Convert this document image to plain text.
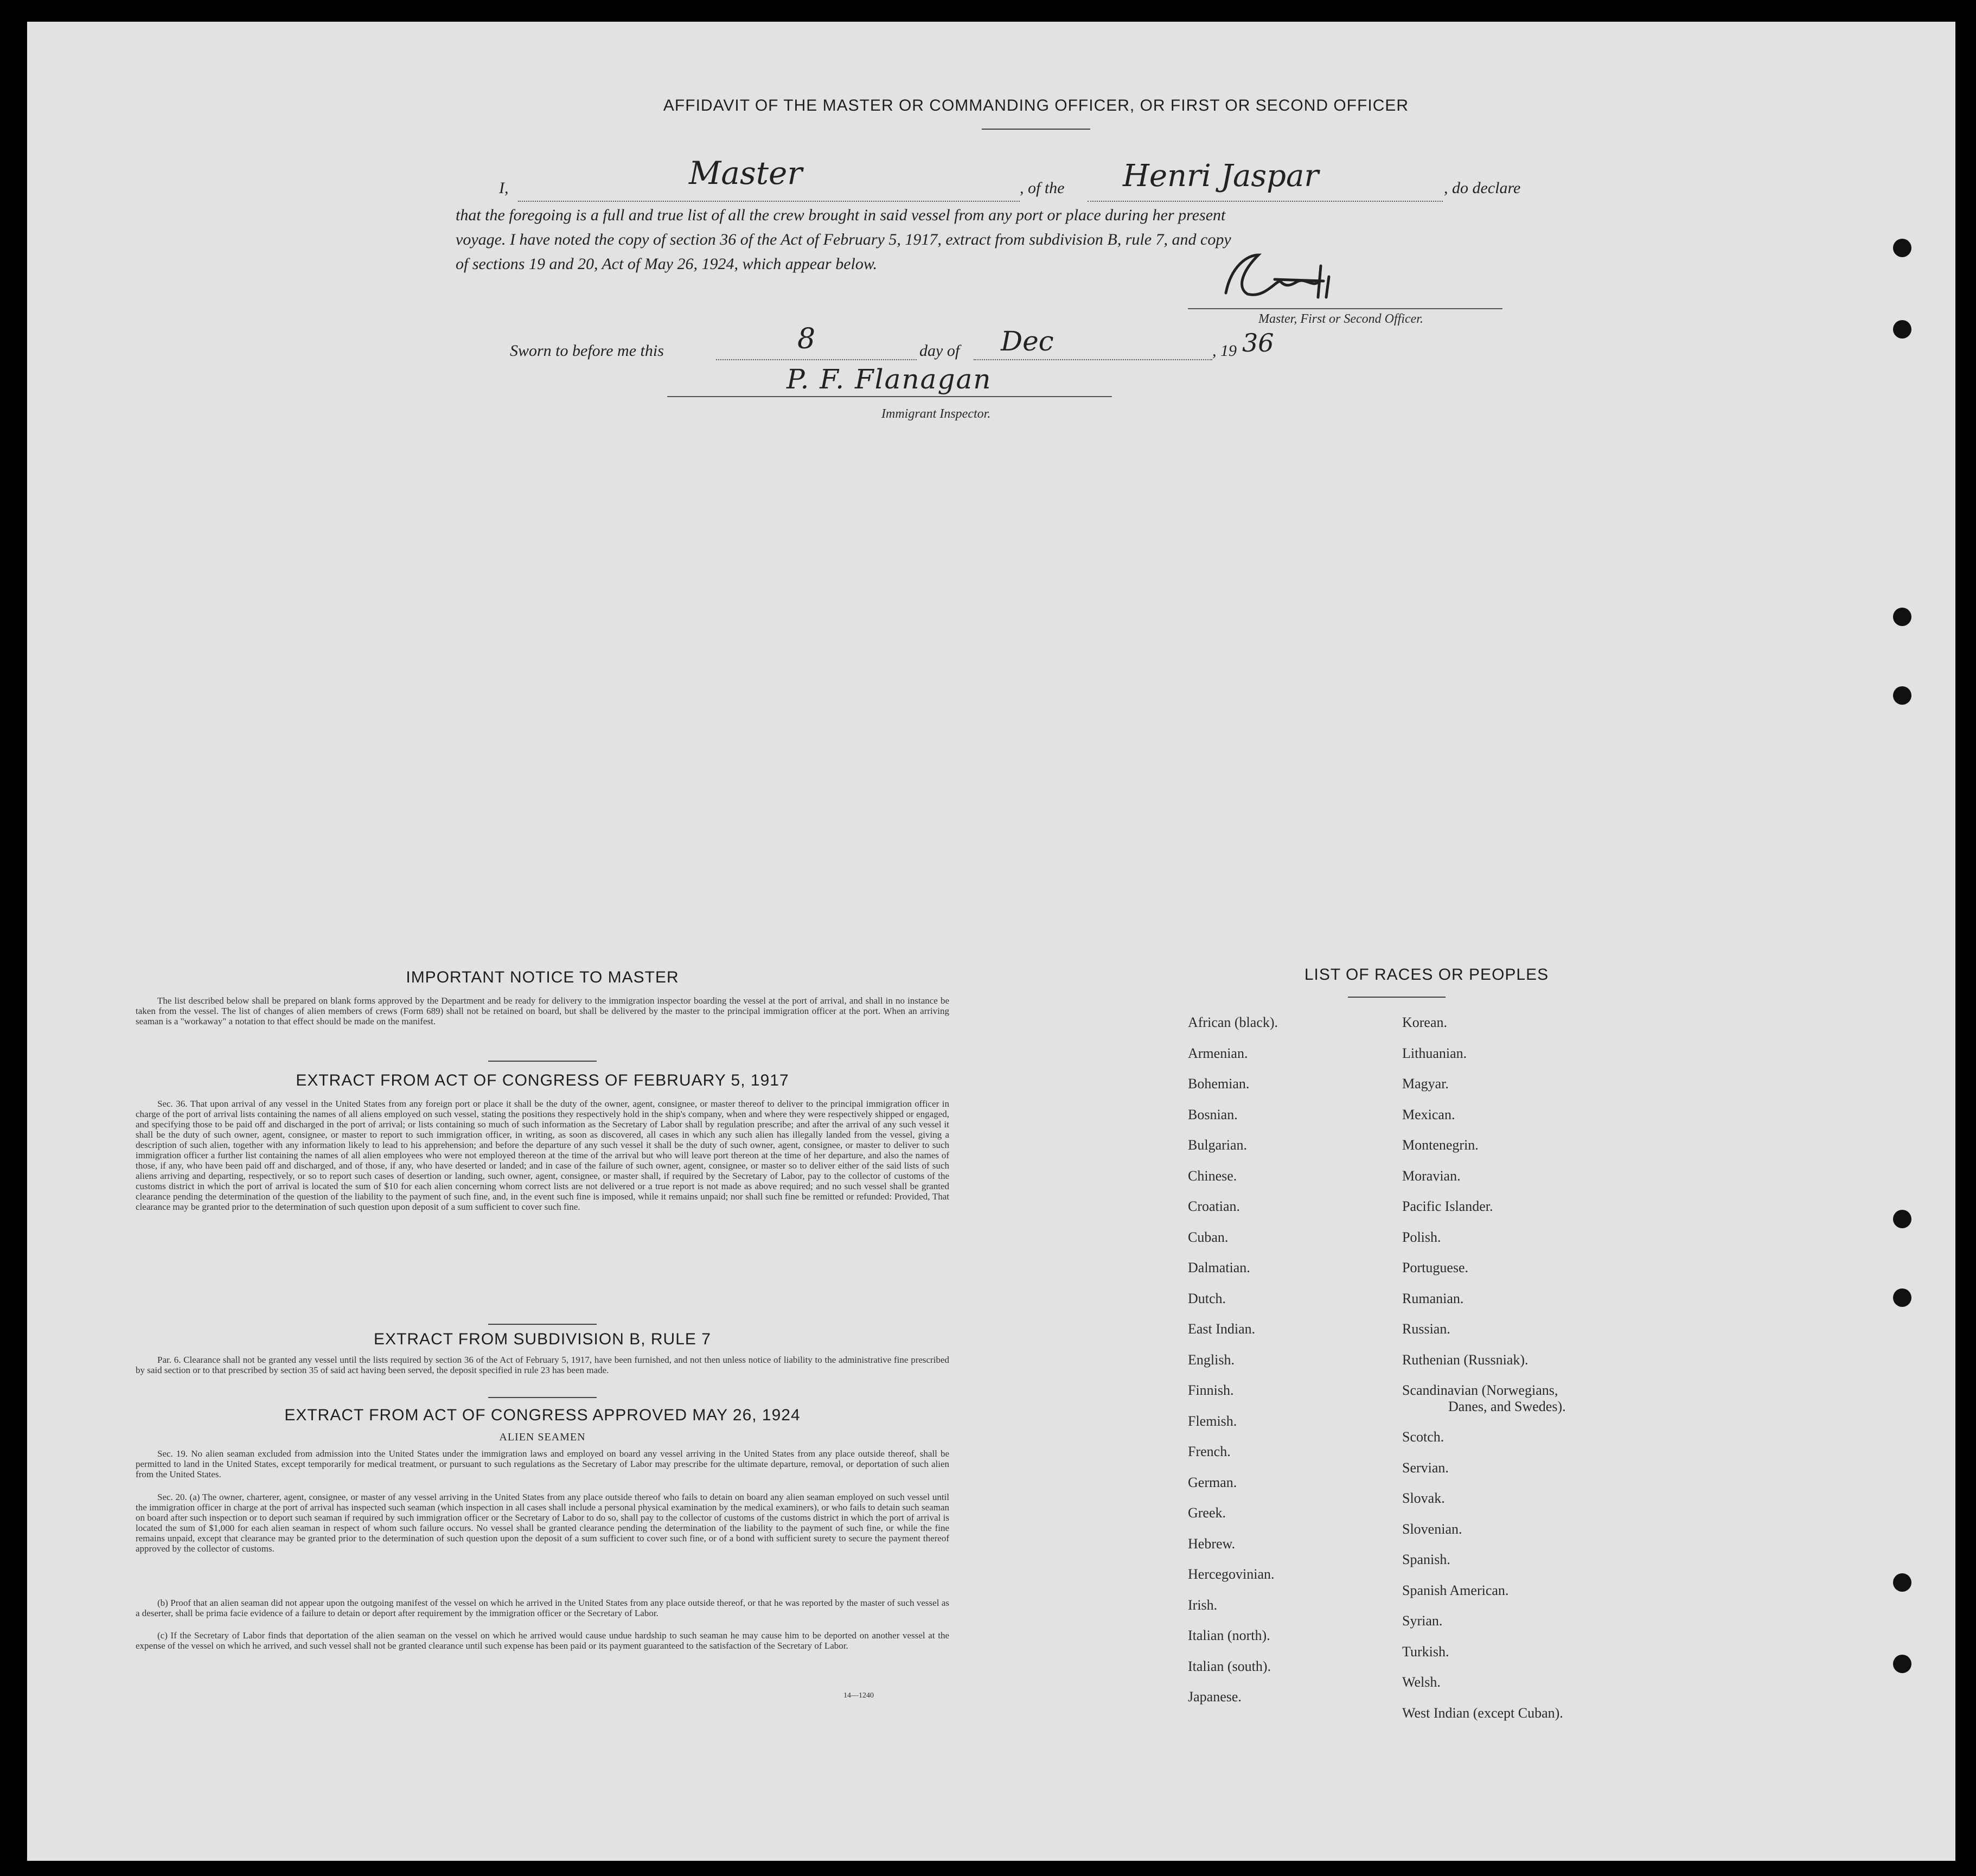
AFFIDAVIT OF THE MASTER OR COMMANDING OFFICER, OR FIRST OR SECOND OFFICER
I,	Master	, of the Henri Jaspar	, do declare
that the foregoing is a full and true list of all the crew brought in said vessel from any port or place during her present
voyage. I have noted the copy of section 36 of the Act of February 5, 1917, extract from subdivision B, rule 7, and copy
of sections 19 and 20, Act of May 26, 1924, which appear below.
Master, First or Second Officer.
Sworn to before me this	8	day of Dec	, 19 36
P. F. Flanagan
Immigrant Inspector.
IMPORTANT NOTICE TO MASTER
The list described below shall be prepared on blank forms approved by the Department and be ready for delivery to the immigration inspector boarding the vessel at the port of arrival, and shall in no instance be taken from the vessel. The list of changes of alien members of crews (Form 689) shall not be retained on board, but shall be delivered by the master to the principal immigration officer at the port. When an arriving seaman is a "workaway" a notation to that effect should be made on the manifest.
EXTRACT FROM ACT OF CONGRESS OF FEBRUARY 5, 1917
Sec. 36. That upon arrival of any vessel in the United States from any foreign port or place it shall be the duty of the owner, agent, consignee, or master thereof to deliver to the principal immigration officer in charge of the port of arrival lists containing the names of all aliens employed on such vessel, stating the positions they respectively hold in the ship's company, when and where they were respectively shipped or engaged, and specifying those to be paid off and discharged in the port of arrival; or lists containing so much of such information as the Secretary of Labor shall by regulation prescribe; and after the arrival of any such vessel it shall be the duty of such owner, agent, consignee, or master to report to such immigration officer, in writing, as soon as discovered, all cases in which any such alien has illegally landed from the vessel, giving a description of such alien, together with any information likely to lead to his apprehension; and before the departure of any such vessel it shall be the duty of such owner, agent, consignee, or master to deliver to such immigration officer a further list containing the names of all alien employees who were not employed thereon at the time of the arrival but who will leave port thereon at the time of her departure, and also the names of those, if any, who have been paid off and discharged, and of those, if any, who have deserted or landed; and in case of the failure of such owner, agent, consignee, or master so to deliver either of the said lists of such aliens arriving and departing, respectively, or so to report such cases of desertion or landing, such owner, agent, consignee, or master shall, if required by the Secretary of Labor, pay to the collector of customs of the customs district in which the port of arrival is located the sum of $10 for each alien concerning whom correct lists are not delivered or a true report is not made as above required; and no such vessel shall be granted clearance pending the determination of the question of the liability to the payment of such fine, and, in the event such fine is imposed, while it remains unpaid; nor shall such fine be remitted or refunded: Provided, That clearance may be granted prior to the determination of such question upon deposit of a sum sufficient to cover such fine.
EXTRACT FROM SUBDIVISION B, RULE 7
Par. 6. Clearance shall not be granted any vessel until the lists required by section 36 of the Act of February 5, 1917, have been furnished, and not then unless notice of liability to the administrative fine prescribed by said section or to that prescribed by section 35 of said act having been served, the deposit specified in rule 23 has been made.
EXTRACT FROM ACT OF CONGRESS APPROVED MAY 26, 1924
ALIEN SEAMEN
Sec. 19. No alien seaman excluded from admission into the United States under the immigration laws and employed on board any vessel arriving in the United States from any place outside thereof, shall be permitted to land in the United States, except temporarily for medical treatment, or pursuant to such regulations as the Secretary of Labor may prescribe for the ultimate departure, removal, or deportation of such alien from the United States.
Sec. 20. (a) The owner, charterer, agent, consignee, or master of any vessel arriving in the United States from any place outside thereof who fails to detain on board any alien seaman employed on such vessel until the immigration officer in charge at the port of arrival has inspected such seaman (which inspection in all cases shall include a personal physical examination by the medical examiners), or who fails to detain such seaman on board after such inspection or to deport such seaman if required by such immigration officer or the Secretary of Labor to do so, shall pay to the collector of customs of the customs district in which the port of arrival is located the sum of $1,000 for each alien seaman in respect of whom such failure occurs. No vessel shall be granted clearance pending the determination of the liability to the payment of such fine, or while the fine remains unpaid, except that clearance may be granted prior to the determination of such question upon the deposit of a sum sufficient to cover such fine, or of a bond with sufficient surety to secure the payment thereof approved by the collector of customs.
(b) Proof that an alien seaman did not appear upon the outgoing manifest of the vessel on which he arrived in the United States from any place outside thereof, or that he was reported by the master of such vessel as a deserter, shall be prima facie evidence of a failure to detain or deport after requirement by the immigration officer or the Secretary of Labor.
(c) If the Secretary of Labor finds that deportation of the alien seaman on the vessel on which he arrived would cause undue hardship to such seaman he may cause him to be deported on another vessel at the expense of the vessel on which he arrived, and such vessel shall not be granted clearance until such expense has been paid or its payment guaranteed to the satisfaction of the Secretary of Labor.
14—1240
LIST OF RACES OR PEOPLES
African (black).
Armenian.
Bohemian.
Bosnian.
Bulgarian.
Chinese.
Croatian.
Cuban.
Dalmatian.
Dutch.
East Indian.
English.
Finnish.
Flemish.
French.
German.
Greek.
Hebrew.
Hercegovinian.
Irish.
Italian (north).
Italian (south).
Japanese.
Korean.
Lithuanian.
Magyar.
Mexican.
Montenegrin.
Moravian.
Pacific Islander.
Polish.
Portuguese.
Rumanian.
Russian.
Ruthenian (Russniak).
Scandinavian (Norwegians,
Danes, and Swedes).
Scotch.
Servian.
Slovak.
Slovenian.
Spanish.
Spanish American.
Syrian.
Turkish.
Welsh.
West Indian (except Cuban).
